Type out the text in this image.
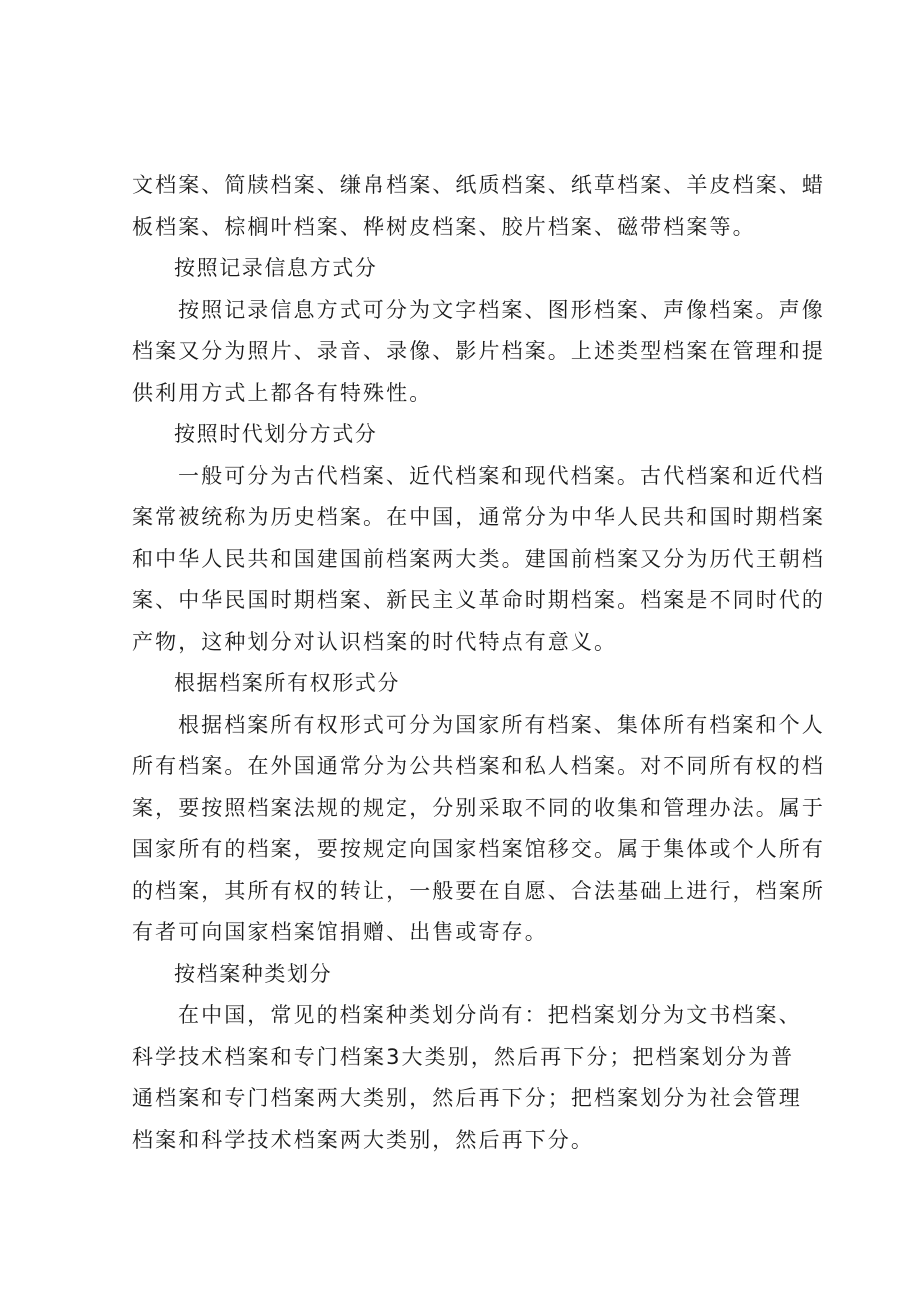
文档案、简牍档案、缣帛档案、纸质档案、纸草档案、羊皮档案、蜡
板档案、棕榈叶档案、桦树皮档案、胶片档案、磁带档案等。
按照记录信息方式分
按照记录信息方式可分为文字档案、图形档案、声像档案。声像
档案又分为照片、录音、录像、影片档案。上述类型档案在管理和提
供利用方式上都各有特殊性。
按照时代划分方式分
一般可分为古代档案、近代档案和现代档案。古代档案和近代档
案常被统称为历史档案。在中国，通常分为中华人民共和国时期档案
和中华人民共和国建国前档案两大类。建国前档案又分为历代王朝档
案、中华民国时期档案、新民主义革命时期档案。档案是不同时代的
产物，这种划分对认识档案的时代特点有意义。
根据档案所有权形式分
根据档案所有权形式可分为国家所有档案、集体所有档案和个人
所有档案。在外国通常分为公共档案和私人档案。对不同所有权的档
案，要按照档案法规的规定，分别采取不同的收集和管理办法。属于
国家所有的档案，要按规定向国家档案馆移交。属于集体或个人所有
的档案，其所有权的转让，一般要在自愿、合法基础上进行，档案所
有者可向国家档案馆捐赠、出售或寄存。
按档案种类划分
在中国，常见的档案种类划分尚有：把档案划分为文书档案、
科学技术档案和专门档案3大类别，然后再下分；把档案划分为普
通档案和专门档案两大类别，然后再下分；把档案划分为社会管理
档案和科学技术档案两大类别，然后再下分。
